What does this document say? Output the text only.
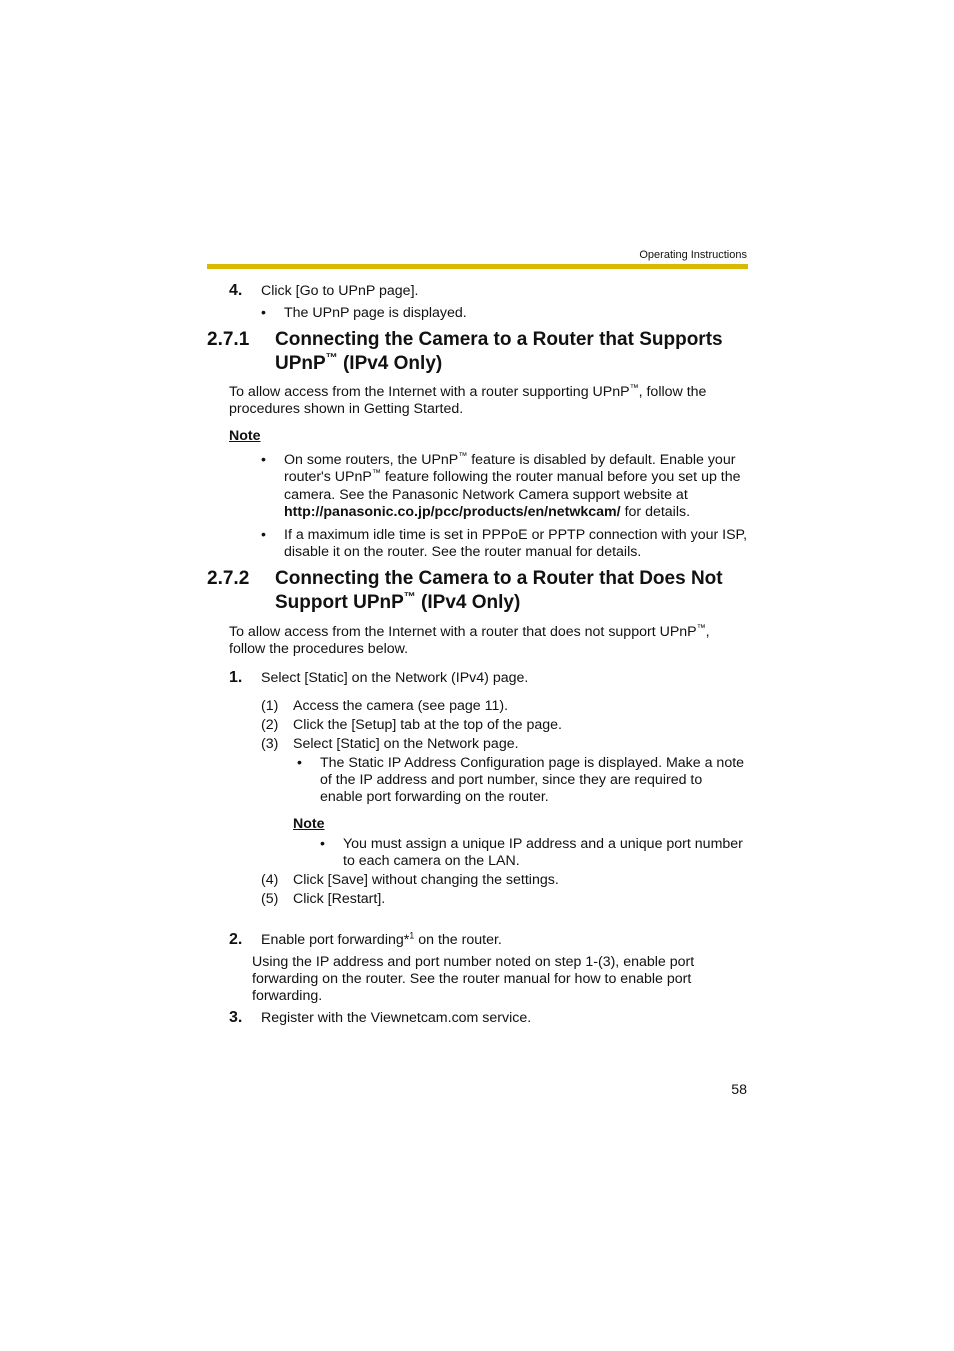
Operating Instructions
4. Click [Go to UPnP page].
• The UPnP page is displayed.
2.7.1 Connecting the Camera to a Router that Supports UPnP™ (IPv4 Only)
To allow access from the Internet with a router supporting UPnP™, follow the procedures shown in Getting Started.
Note
• On some routers, the UPnP™ feature is disabled by default. Enable your router's UPnP™ feature following the router manual before you set up the camera. See the Panasonic Network Camera support website at http://panasonic.co.jp/pcc/products/en/netwkcam/ for details.
• If a maximum idle time is set in PPPoE or PPTP connection with your ISP, disable it on the router. See the router manual for details.
2.7.2 Connecting the Camera to a Router that Does Not Support UPnP™ (IPv4 Only)
To allow access from the Internet with a router that does not support UPnP™, follow the procedures below.
1. Select [Static] on the Network (IPv4) page.
(1) Access the camera (see page 11).
(2) Click the [Setup] tab at the top of the page.
(3) Select [Static] on the Network page.
• The Static IP Address Configuration page is displayed. Make a note of the IP address and port number, since they are required to enable port forwarding on the router.
Note
• You must assign a unique IP address and a unique port number to each camera on the LAN.
(4) Click [Save] without changing the settings.
(5) Click [Restart].
2. Enable port forwarding*$^1$ on the router.
Using the IP address and port number noted on step 1-(3), enable port forwarding on the router. See the router manual for how to enable port forwarding.
3. Register with the Viewnetcam.com service.
58
